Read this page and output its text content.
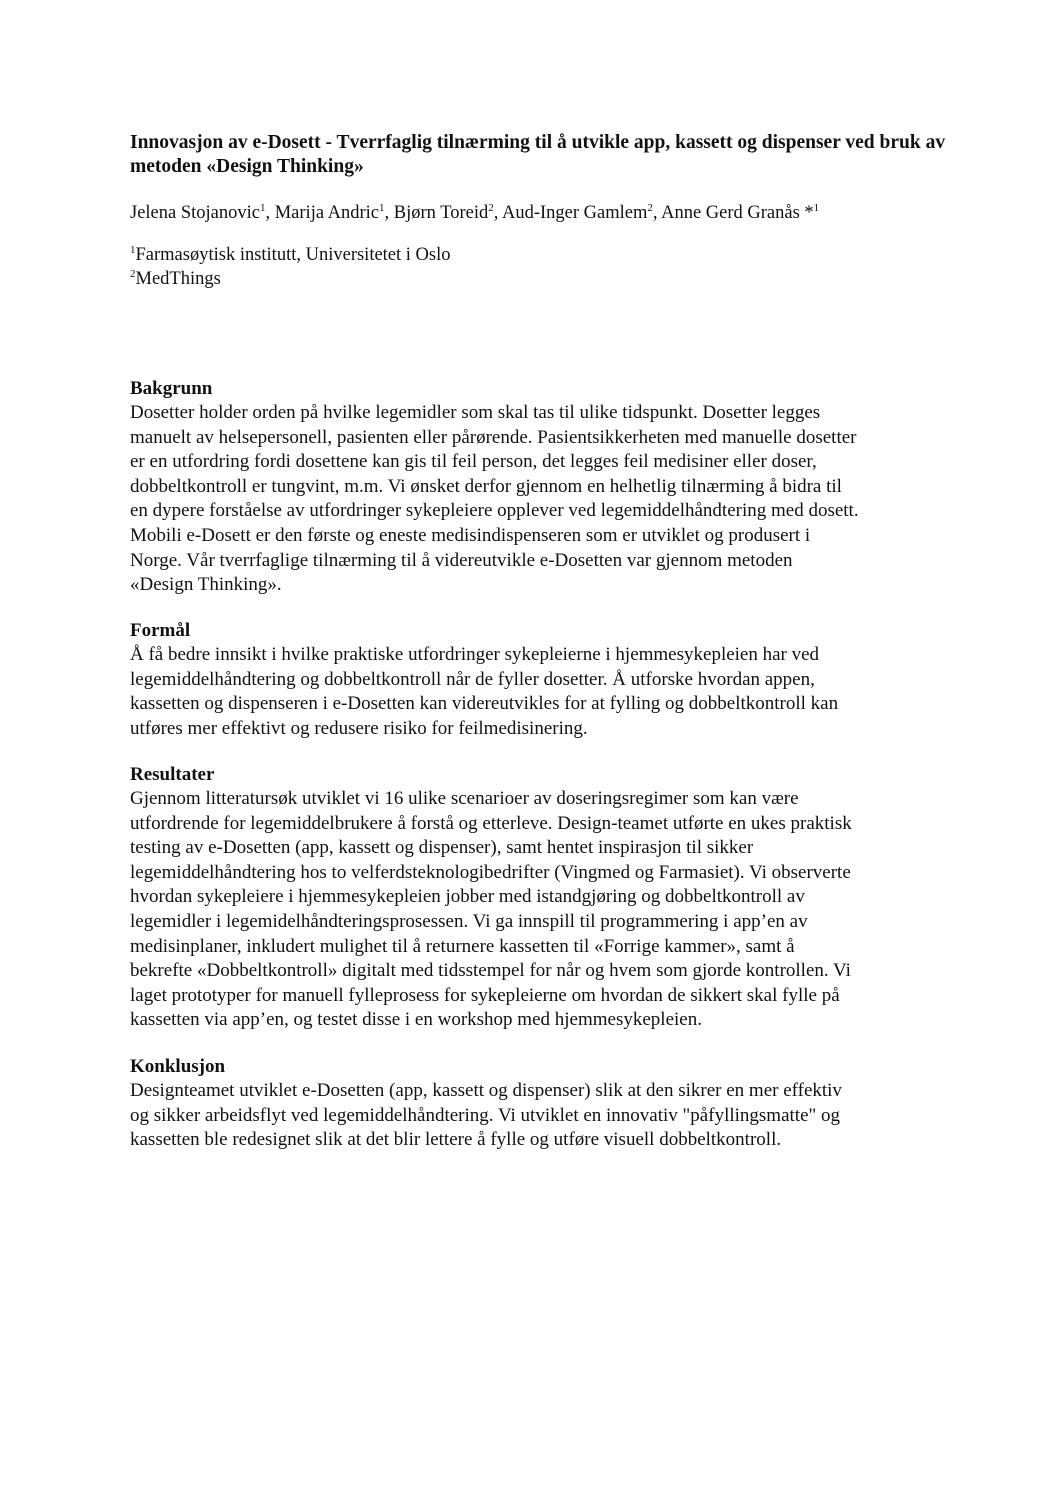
Innovasjon av e-Dosett - Tverrfaglig tilnærming til å utvikle app, kassett og dispenser ved bruk av metoden «Design Thinking»
Jelena Stojanovic$^1$, Marija Andric$^1$, Bjørn Toreid$^2$, Aud-Inger Gamlem$^2$, Anne Gerd Granås *$^1$
$^1$Farmasøytisk institutt, Universitetet i Oslo
$^2$MedThings
Bakgrunn

Dosetter holder orden på hvilke legemidler som skal tas til ulike tidspunkt. Dosetter legges
manuelt av helsepersonell, pasienten eller pårørende. Pasientsikkerheten med manuelle dosetter
er en utfordring fordi dosettene kan gis til feil person, det legges feil medisiner eller doser,
dobbeltkontroll er tungvint, m.m. Vi ønsket derfor gjennom en helhetlig tilnærming å bidra til
en dypere forståelse av utfordringer sykepleiere opplever ved legemiddelhåndtering med dosett.
Mobili e-Dosett er den første og eneste medisindispenseren som er utviklet og produsert i
Norge. Vår tverrfaglige tilnærming til å videreutvikle e-Dosetten var gjennom metoden
«Design Thinking».

Formål

Å få bedre innsikt i hvilke praktiske utfordringer sykepleierne i hjemmesykepleien har ved
legemiddelhåndtering og dobbeltkontroll når de fyller dosetter. Å utforske hvordan appen,
kassetten og dispenseren i e-Dosetten kan videreutvikles for at fylling og dobbeltkontroll kan
utføres mer effektivt og redusere risiko for feilmedisinering.

Resultater

Gjennom litteratursøk utviklet vi 16 ulike scenarioer av doseringsregimer som kan være
utfordrende for legemiddelbrukere å forstå og etterleve. Design-teamet utførte en ukes praktisk
testing av e-Dosetten (app, kassett og dispenser), samt hentet inspirasjon til sikker
legemiddelhåndtering hos to velferdsteknologibedrifter (Vingmed og Farmasiet). Vi observerte
hvordan sykepleiere i hjemmesykepleien jobber med istandgjøring og dobbeltkontroll av
legemidler i legemidelhåndteringsprosessen. Vi ga innspill til programmering i app’en av
medisinplaner, inkludert mulighet til å returnere kassetten til «Forrige kammer», samt å
bekrefte «Dobbeltkontroll» digitalt med tidsstempel for når og hvem som gjorde kontrollen. Vi
laget prototyper for manuell fylleprosess for sykepleierne om hvordan de sikkert skal fylle på
kassetten via app’en, og testet disse i en workshop med hjemmesykepleien.

Konklusjon

Designteamet utviklet e-Dosetten (app, kassett og dispenser) slik at den sikrer en mer effektiv
og sikker arbeidsflyt ved legemiddelhåndtering. Vi utviklet en innovativ "påfyllingsmatte" og
kassetten ble redesignet slik at det blir lettere å fylle og utføre visuell dobbeltkontroll.
